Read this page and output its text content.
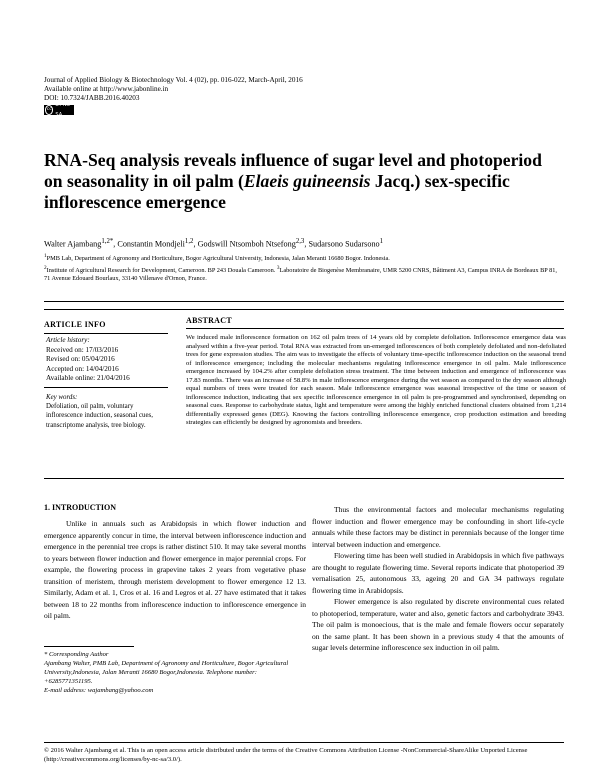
Journal of Applied Biology & Biotechnology Vol. 4 (02), pp. 016-022, March-April, 2016
Available online at http://www.jabonline.in
DOI: 10.7324/JABB.2016.40203
cc
BY-NC-SA
RNA-Seq analysis reveals influence of sugar level and photoperiod on seasonality in oil palm (Elaeis guineensis Jacq.) sex-specific inflorescence emergence
Walter Ajambang$^{1,2*}$, Constantin Mondjeli$^{1,2}$, Godswill Ntsomboh Ntsefong$^{2,3}$, Sudarsono Sudarsono$^1$
$^1$PMB Lab, Department of Agronomy and Horticulture, Bogor Agricultural University, Indonesia, Jalan Meranti 16680 Bogor. Indonesia.
$^2$Institute of Agricultural Research for Development, Cameroon. BP 243 Douala Cameroon. $^3$Laboratoire de Biogenèse Membranaire, UMR 5200 CNRS, Bâtiment A3, Campus INRA de Bordeaux BP 81, 71 Avenue Edouard Bourlaux, 33140 Villenave d'Ornon, France.
ARTICLE INFO
Article history:
Received on: 17/03/2016
Revised on: 05/04/2016
Accepted on: 14/04/2016
Available online: 21/04/2016
Key words:
Defoliation, oil palm, voluntary inflorescence induction, seasonal cues, transcriptome analysis, tree biology.
ABSTRACT
We induced male inflorescence formation on 162 oil palm trees of 14 years old by complete defoliation. Inflorescence emergence data was analysed within a five-year period. Total RNA was extracted from un-emerged inflorescences of both completely defoliated and non-defoliated trees for gene expression studies. The aim was to investigate the effects of voluntary time-specific inflorescence induction on the seasonal trend of inflorescence emergence; including the molecular mechanisms regulating inflorescence emergence in oil palm. Male inflorescence emergence increased by 104.2% after complete defoliation stress treatment. The time between induction and emergence of inflorescence was 17.83 months. There was an increase of 58.8% in male inflorescence emergence during the wet season as compared to the dry season although equal numbers of trees were treated for each season. Male inflorescence emergence was seasonal irrespective of the time or season of inflorescence induction, indicating that sex specific inflorescence emergence in oil palm is pre-programmed and synchronised, depending on seasonal cues. Response to carbohydrate status, light and temperature were among the highly enriched functional clusters obtained from 1,214 differentially expressed genes (DEG). Knowing the factors controlling inflorescence emergence, crop production estimation and breeding strategies can efficiently be designed by agronomists and breeders.
1. INTRODUCTION

Unlike in annuals such as Arabidopsis in which flower induction and emergence apparently concur in time, the interval between inflorescence induction and emergence in the perennial tree crops is rather distinct 510. It may take several months to years between flower induction and flower emergence in major perennial crops. For example, the flowering process in grapevine takes 2 years from vegetative phase transition of meristem, through meristem development to flower emergence 12 13. Similarly, Adam et al. 1, Cros et al. 16 and Legros et al. 27 have estimated that it takes between 18 to 22 months from inflorescence induction to inflorescence emergence in oil palm.

Thus the environmental factors and molecular mechanisms regulating flower induction and flower emergence may be confounding in short life-cycle annuals while these factors may be distinct in perennials because of the longer time interval between induction and emergence.

Flowering time has been well studied in Arabidopsis in which five pathways are thought to regulate flowering time. Several reports indicate that photoperiod 39 vernalisation 25, autonomous 33, ageing 20 and GA 34 pathways regulate flowering time in Arabidopsis.

Flower emergence is also regulated by discrete environmental cues related to photoperiod, temperature, water and also, genetic factors and carbohydrate 3943. The oil palm is monoecious, that is the male and female flowers occur separately on the same plant. It has been shown in a previous study 4 that the amounts of sugar levels determine inflorescence sex induction in oil palm.

* Corresponding Author
Ajambang Walter, PMB Lab, Department of Agronomy and Horticulture, Bogor Agricultural University,Indonesia, Jalan Meranti 16680 Bogor,Indonesia. Telephone number: +6285771351195.
E-mail address: wajambang@yahoo.com
© 2016 Walter Ajambang et al. This is an open access article distributed under the terms of the Creative Commons Attribution License -NonCommercial-ShareAlike Unported License (http://creativecommons.org/licenses/by-nc-sa/3.0/).
